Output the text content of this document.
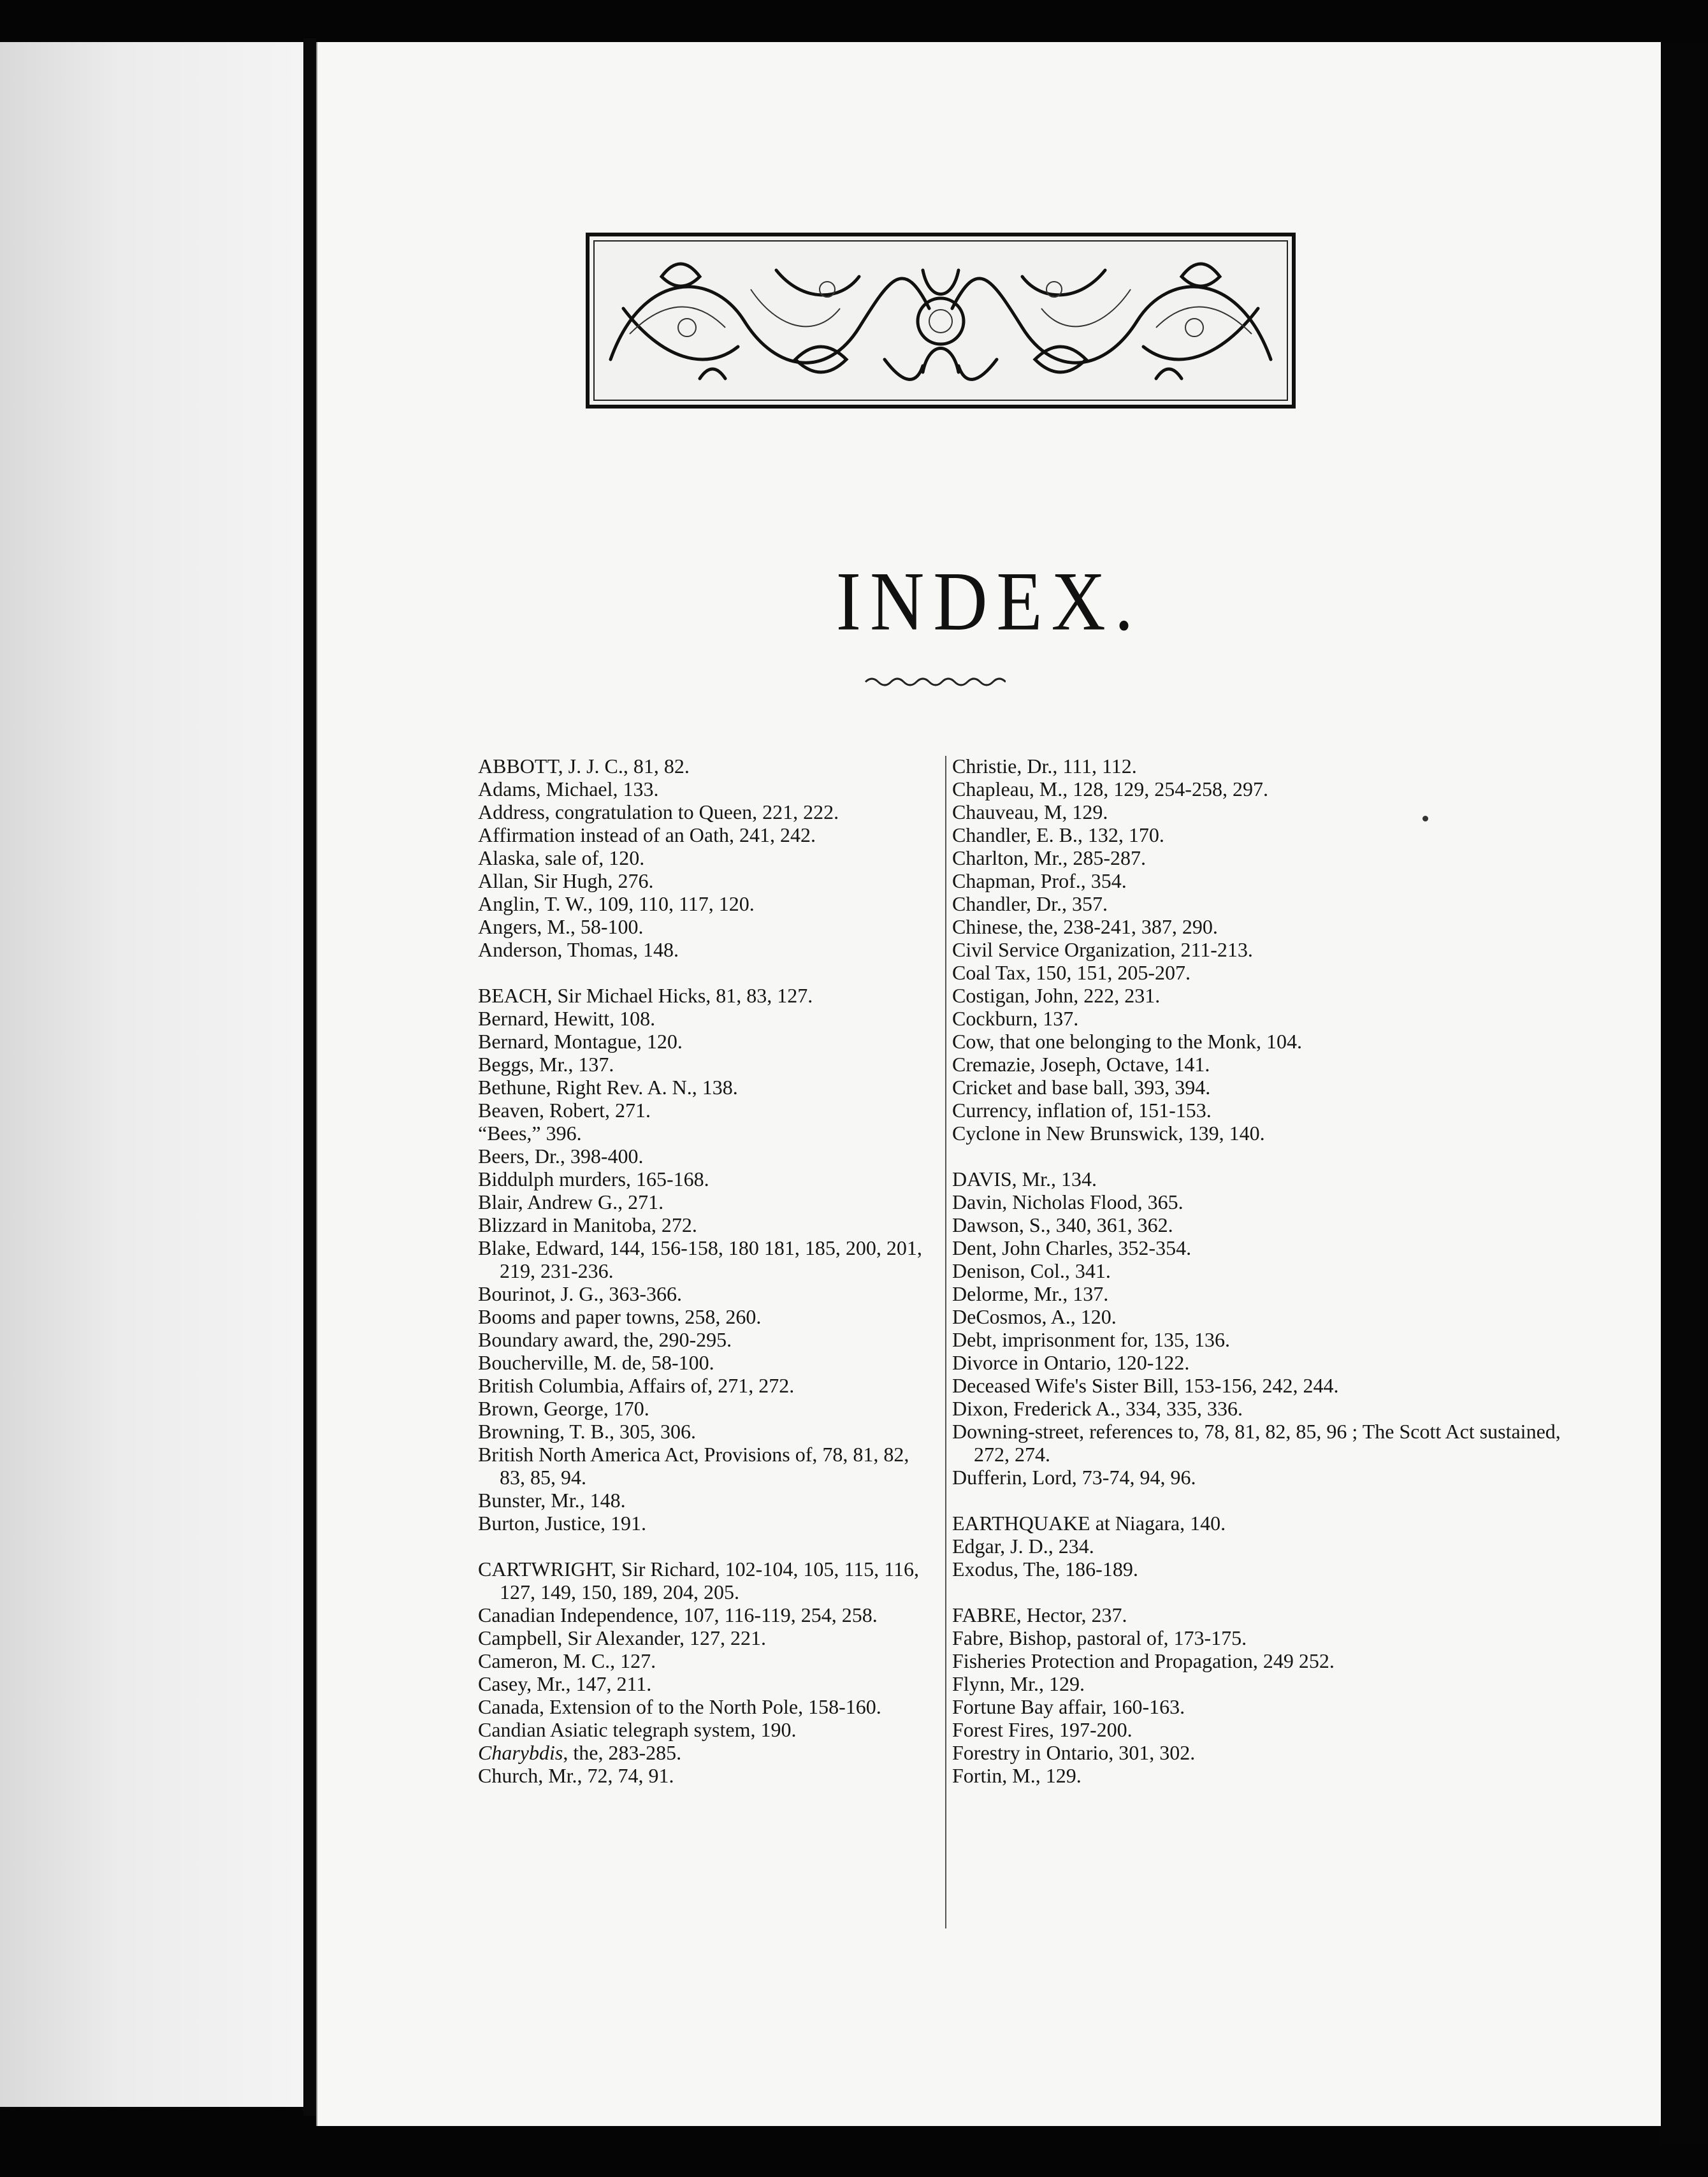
INDEX.
ABBOTT, J. J. C., 81, 82.
Adams, Michael, 133.
Address, congratulation to Queen, 221, 222.
Affirmation instead of an Oath, 241, 242.
Alaska, sale of, 120.
Allan, Sir Hugh, 276.
Anglin, T. W., 109, 110, 117, 120.
Angers, M., 58-100.
Anderson, Thomas, 148.
BEACH, Sir Michael Hicks, 81, 83, 127.
Bernard, Hewitt, 108.
Bernard, Montague, 120.
Beggs, Mr., 137.
Bethune, Right Rev. A. N., 138.
Beaven, Robert, 271.
“Bees,” 396.
Beers, Dr., 398-400.
Biddulph murders, 165-168.
Blair, Andrew G., 271.
Blizzard in Manitoba, 272.
Blake, Edward, 144, 156-158, 180 181, 185, 200, 201, 219, 231-236.
Bourinot, J. G., 363-366.
Booms and paper towns, 258, 260.
Boundary award, the, 290-295.
Boucherville, M. de, 58-100.
British Columbia, Affairs of, 271, 272.
Brown, George, 170.
Browning, T. B., 305, 306.
British North America Act, Provisions of, 78, 81, 82, 83, 85, 94.
Bunster, Mr., 148.
Burton, Justice, 191.
CARTWRIGHT, Sir Richard, 102-104, 105, 115, 116, 127, 149, 150, 189, 204, 205.
Canadian Independence, 107, 116-119, 254, 258.
Campbell, Sir Alexander, 127, 221.
Cameron, M. C., 127.
Casey, Mr., 147, 211.
Canada, Extension of to the North Pole, 158-160.
Candian Asiatic telegraph system, 190.
Charybdis, the, 283-285.
Church, Mr., 72, 74, 91.
Christie, Dr., 111, 112.
Chapleau, M., 128, 129, 254-258, 297.
Chauveau, M, 129.
Chandler, E. B., 132, 170.
Charlton, Mr., 285-287.
Chapman, Prof., 354.
Chandler, Dr., 357.
Chinese, the, 238-241, 387, 290.
Civil Service Organization, 211-213.
Coal Tax, 150, 151, 205-207.
Costigan, John, 222, 231.
Cockburn, 137.
Cow, that one belonging to the Monk, 104.
Cremazie, Joseph, Octave, 141.
Cricket and base ball, 393, 394.
Currency, inflation of, 151-153.
Cyclone in New Brunswick, 139, 140.
DAVIS, Mr., 134.
Davin, Nicholas Flood, 365.
Dawson, S., 340, 361, 362.
Dent, John Charles, 352-354.
Denison, Col., 341.
Delorme, Mr., 137.
DeCosmos, A., 120.
Debt, imprisonment for, 135, 136.
Divorce in Ontario, 120-122.
Deceased Wife's Sister Bill, 153-156, 242, 244.
Dixon, Frederick A., 334, 335, 336.
Downing-street, references to, 78, 81, 82, 85, 96 ; The Scott Act sustained, 272, 274.
Dufferin, Lord, 73-74, 94, 96.
EARTHQUAKE at Niagara, 140.
Edgar, J. D., 234.
Exodus, The, 186-189.
FABRE, Hector, 237.
Fabre, Bishop, pastoral of, 173-175.
Fisheries Protection and Propagation, 249 252.
Flynn, Mr., 129.
Fortune Bay affair, 160-163.
Forest Fires, 197-200.
Forestry in Ontario, 301, 302.
Fortin, M., 129.
